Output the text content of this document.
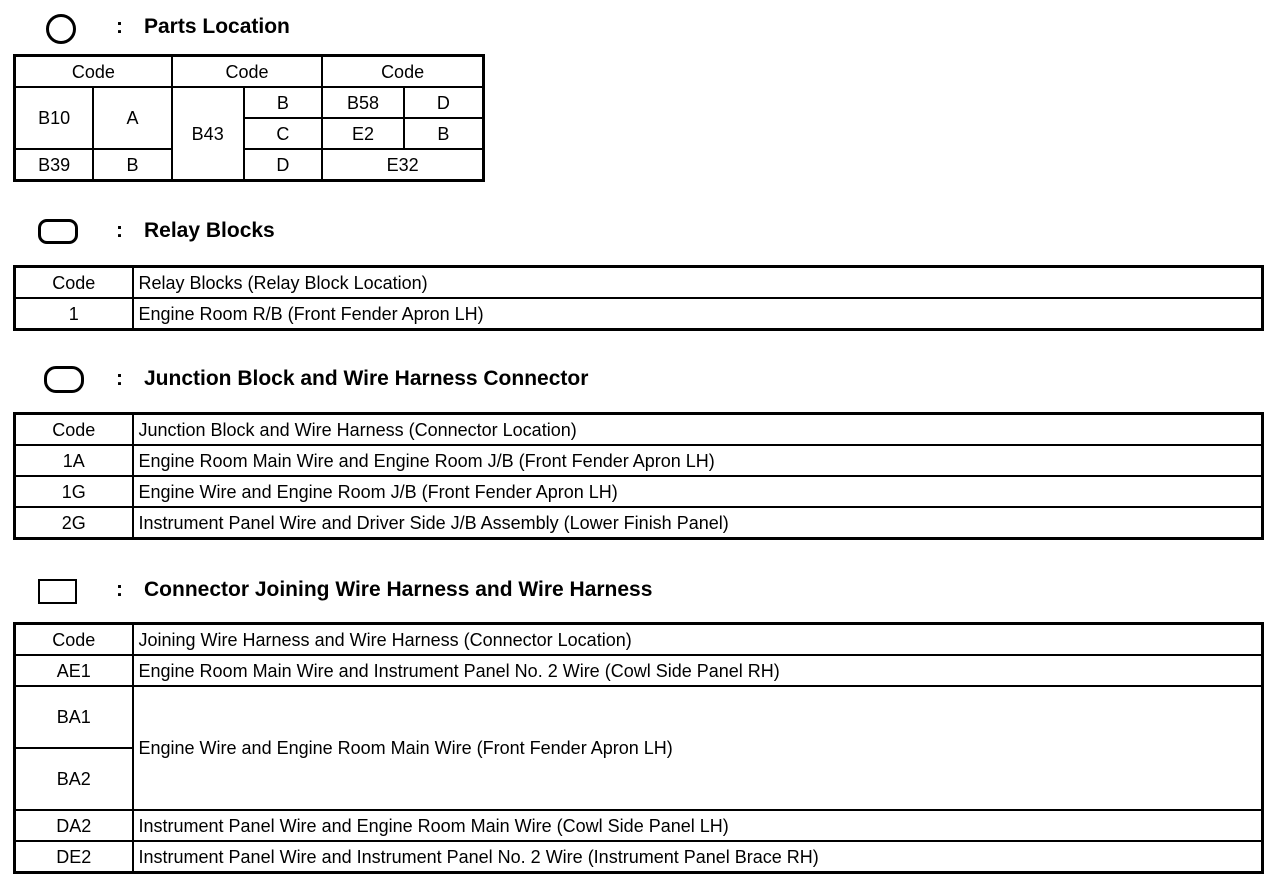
: Parts Location
Code		Code		Code	
B10	A	B43	B	B58	D
			C	E2	B
B39	B		D	E32	
: Relay Blocks
Code	Relay Blocks (Relay Block Location)
1	Engine Room R/B (Front Fender Apron LH)
: Junction Block and Wire Harness Connector
Code	Junction Block and Wire Harness (Connector Location)
1A	Engine Room Main Wire and Engine Room J/B (Front Fender Apron LH)
1G	Engine Wire and Engine Room J/B (Front Fender Apron LH)
2G	Instrument Panel Wire and Driver Side J/B Assembly (Lower Finish Panel)
: Connector Joining Wire Harness and Wire Harness
Code	Joining Wire Harness and Wire Harness (Connector Location)
AE1	Engine Room Main Wire and Instrument Panel No. 2 Wire (Cowl Side Panel RH)
BA1	Engine Wire and Engine Room Main Wire (Front Fender Apron LH)
BA2	
DA2	Instrument Panel Wire and Engine Room Main Wire (Cowl Side Panel LH)
DE2	Instrument Panel Wire and Instrument Panel No. 2 Wire (Instrument Panel Brace RH)
